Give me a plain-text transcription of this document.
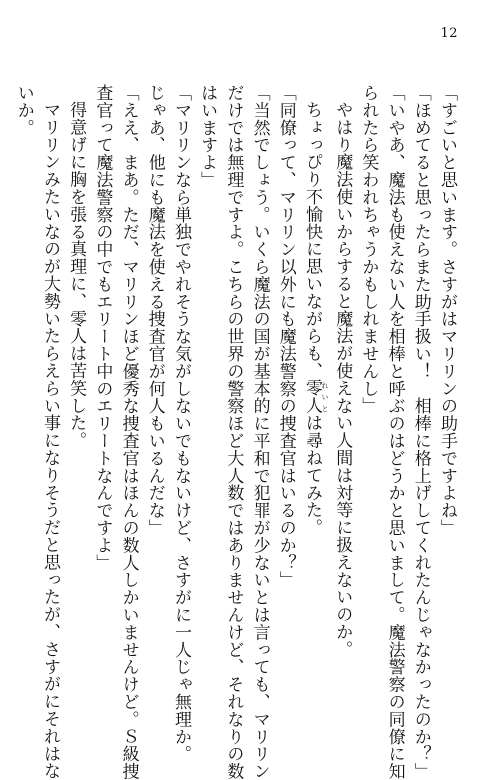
12

「すごいと思います。さすがはマリリンの助手ですよね」

「ほめてると思ったらまた助手扱い！　相棒に格上げしてくれたんじゃなかったのか？」

「いやあ、魔法も使えない人を相棒と呼ぶのはどうかと思いまして。魔法警察の同僚に知

られたら笑われちゃうかもしれませんし」

やはり魔法使いからすると魔法が使えない人間は対等に扱えないのか。

ちょっぴり不愉快に思いながらも、零人 れいとは尋ねてみた。

「同僚って、マリリン以外にも魔法警察の捜査官はいるのか？」

「当然でしょう。いくら魔法の国が基本的に平和で犯罪が少ないとは言っても、マリリン

だけでは無理ですよ。こちらの世界の警察ほど大人数ではありませんけど、それなりの数

はいますよ」

「マリリンなら単独でやれそうな気がしないでもないけど、さすがに一人じゃ無理か。

じゃあ、他にも魔法を使える捜査官が何人もいるんだな」

「ええ、まあ。ただ、マリリンほど優秀な捜査官はほんの数人しかいませんけど。Ｓ級捜

査官って魔法警察の中でもエリート中のエリートなんですよ」

得意げに胸を張る真理に、零人は苦笑した。

マリリンみたいなのが大勢いたらえらい事になりそうだと思ったが、さすがにそれはな

いか。
